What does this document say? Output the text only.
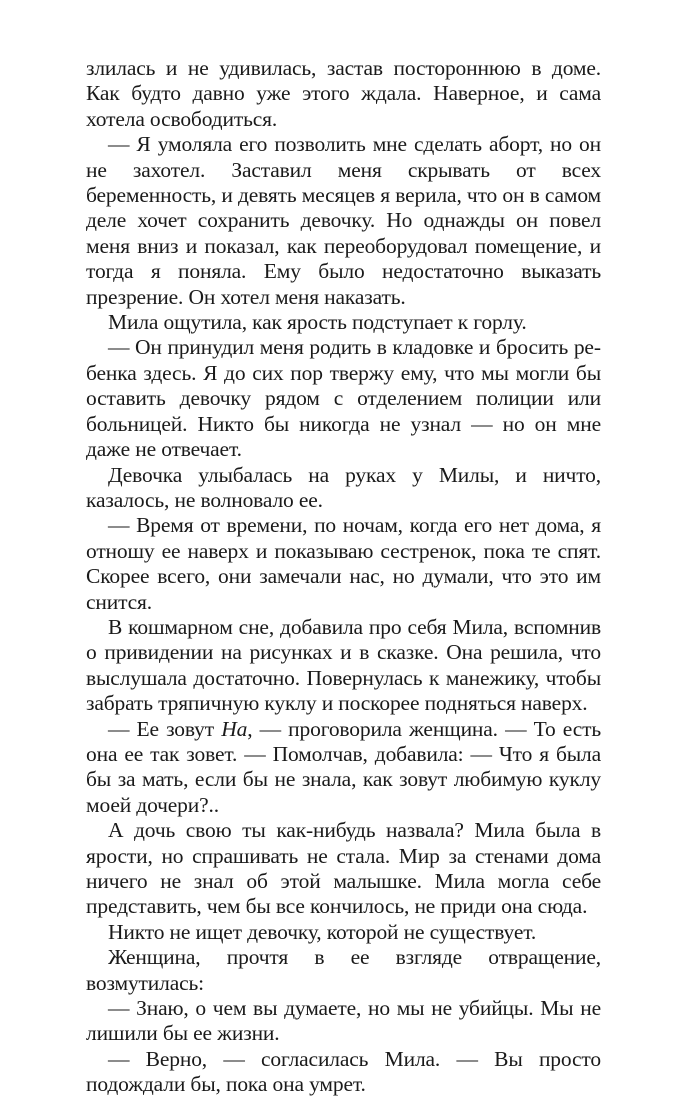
злилась и не удивилась, застав постороннюю в доме. Как будто давно уже этого ждала. Наверное, и сама хотела освободиться.

— Я умоляла его позволить мне сделать аборт, но он не захотел. Заставил меня скрывать от всех беременность, и девять месяцев я верила, что он в самом деле хочет сохранить девочку. Но однажды он повел меня вниз и показал, как переоборудовал помещение, и тогда я поняла. Ему было недостаточно выказать презрение. Он хотел меня наказать.

Мила ощутила, как ярость подступает к горлу.

— Он принудил меня родить в кладовке и бросить ребенка здесь. Я до сих пор твержу ему, что мы могли бы оставить девочку рядом с отделением полиции или больницей. Никто бы никогда не узнал — но он мне даже не отвечает.

Девочка улыбалась на руках у Милы, и ничто, казалось, не волновало ее.

— Время от времени, по ночам, когда его нет дома, я отношу ее наверх и показываю сестренок, пока те спят. Скорее всего, они замечали нас, но думали, что это им снится.

В кошмарном сне, добавила про себя Мила, вспомнив о привидении на рисунках и в сказке. Она решила, что выслушала достаточно. Повернулась к манежику, чтобы забрать тряпичную куклу и поскорее подняться наверх.

— Ее зовут На, — проговорила женщина. — То есть она ее так зовет. — Помолчав, добавила: — Что я была бы за мать, если бы не знала, как зовут любимую куклу моей дочери?..

А дочь свою ты как-нибудь назвала? Мила была в ярости, но спрашивать не стала. Мир за стенами дома ничего не знал об этой малышке. Мила могла себе представить, чем бы все кончилось, не приди она сюда.

Никто не ищет девочку, которой не существует.

Женщина, прочтя в ее взгляде отвращение, возмутилась:

— Знаю, о чем вы думаете, но мы не убийцы. Мы не лишили бы ее жизни.

— Верно, — согласилась Мила. — Вы просто подождали бы, пока она умрет.
